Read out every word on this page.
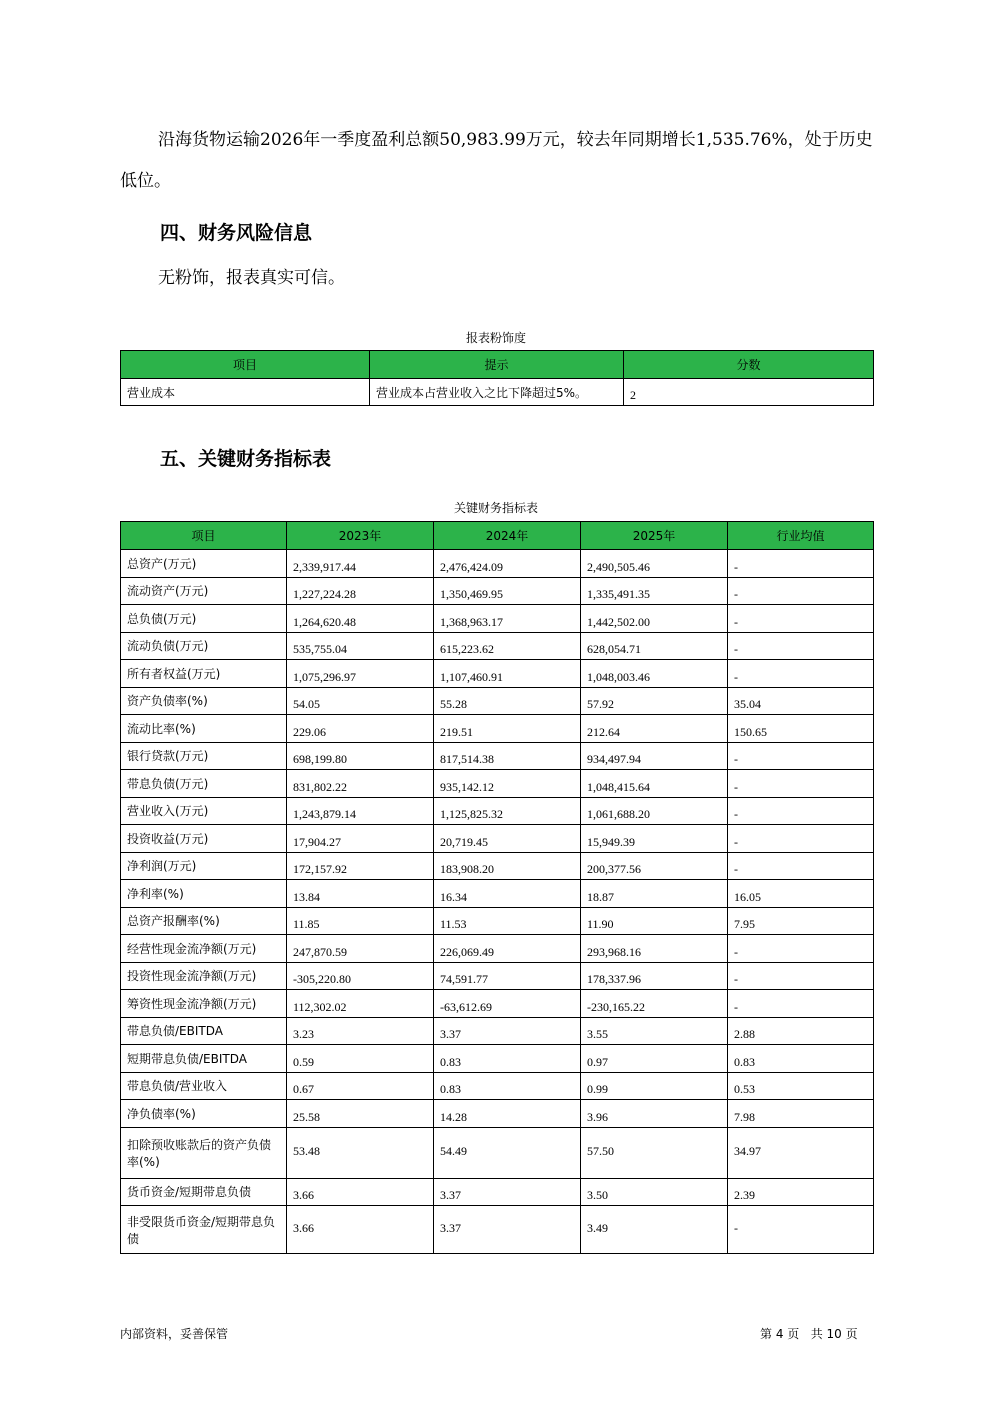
沿海货物运输2026年一季度盈利总额50,983.99万元，较去年同期增长1,535.76%，处于历史
低位。
四、财务风险信息
无粉饰，报表真实可信。
报表粉饰度
项目	提示	分数
营业成本	营业成本占营业收入之比下降超过5%。	2
五、关键财务指标表
关键财务指标表
项目	2023年	2024年	2025年	行业均值
总资产(万元)	2,339,917.44	2,476,424.09	2,490,505.46	-
流动资产(万元)	1,227,224.28	1,350,469.95	1,335,491.35	-
总负债(万元)	1,264,620.48	1,368,963.17	1,442,502.00	-
流动负债(万元)	535,755.04	615,223.62	628,054.71	-
所有者权益(万元)	1,075,296.97	1,107,460.91	1,048,003.46	-
资产负债率(%)	54.05	55.28	57.92	35.04
流动比率(%)	229.06	219.51	212.64	150.65
银行贷款(万元)	698,199.80	817,514.38	934,497.94	-
带息负债(万元)	831,802.22	935,142.12	1,048,415.64	-
营业收入(万元)	1,243,879.14	1,125,825.32	1,061,688.20	-
投资收益(万元)	17,904.27	20,719.45	15,949.39	-
净利润(万元)	172,157.92	183,908.20	200,377.56	-
净利率(%)	13.84	16.34	18.87	16.05
总资产报酬率(%)	11.85	11.53	11.90	7.95
经营性现金流净额(万元)	247,870.59	226,069.49	293,968.16	-
投资性现金流净额(万元)	-305,220.80	74,591.77	178,337.96	-
筹资性现金流净额(万元)	112,302.02	-63,612.69	-230,165.22	-
带息负债/EBITDA	3.23	3.37	3.55	2.88
短期带息负债/EBITDA	0.59	0.83	0.97	0.83
带息负债/营业收入	0.67	0.83	0.99	0.53
净负债率(%)	25.58	14.28	3.96	7.98
扣除预收账款后的资产负债率(%)	53.48	54.49	57.50	34.97
货币资金/短期带息负债	3.66	3.37	3.50	2.39
非受限货币资金/短期带息负债	3.66	3.37	3.49	-
内部资料，妥善保管	第 4 页   共 10 页
